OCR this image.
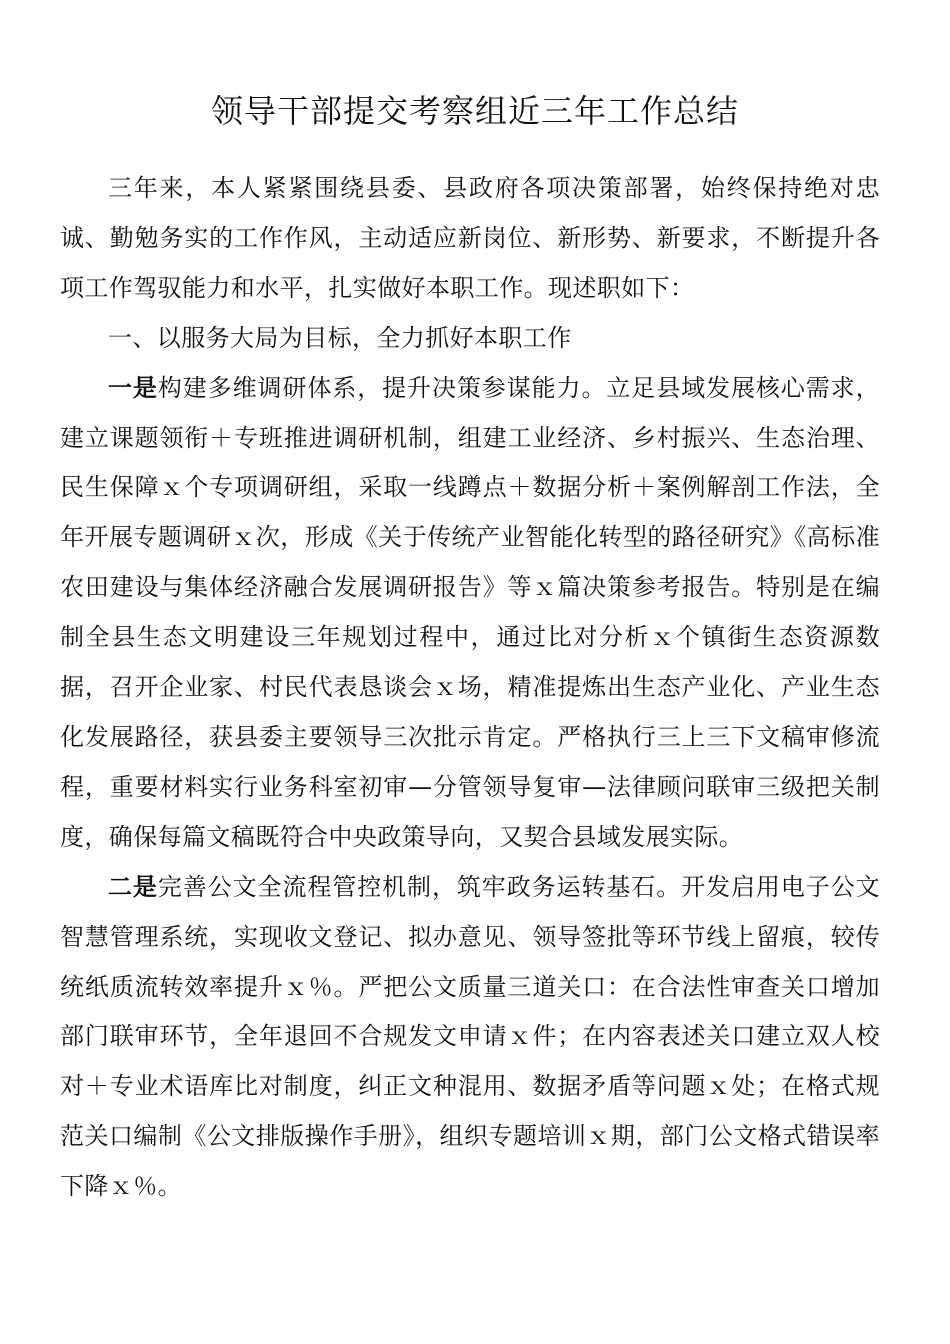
领导干部提交考察组近三年工作总结

三年来，本人紧紧围绕县委、县政府各项决策部署，始终保持绝对忠诚、勤勉务实的工作作风，主动适应新岗位、新形势、新要求，不断提升各项工作驾驭能力和水平，扎实做好本职工作。现述职如下：

一、以服务大局为目标，全力抓好本职工作

一是构建多维调研体系，提升决策参谋能力。立足县域发展核心需求，建立课题领衔＋专班推进调研机制，组建工业经济、乡村振兴、生态治理、民生保障ｘ个专项调研组，采取一线蹲点＋数据分析＋案例解剖工作法，全年开展专题调研ｘ次，形成《关于传统产业智能化转型的路径研究》《高标准农田建设与集体经济融合发展调研报告》等ｘ篇决策参考报告。特别是在编制全县生态文明建设三年规划过程中，通过比对分析ｘ个镇街生态资源数据，召开企业家、村民代表恳谈会ｘ场，精准提炼出生态产业化、产业生态化发展路径，获县委主要领导三次批示肯定。严格执行三上三下文稿审修流程，重要材料实行业务科室初审—分管领导复审—法律顾问联审三级把关制度，确保每篇文稿既符合中央政策导向，又契合县域发展实际。

二是完善公文全流程管控机制，筑牢政务运转基石。开发启用电子公文智慧管理系统，实现收文登记、拟办意见、领导签批等环节线上留痕，较传统纸质流转效率提升ｘ％。严把公文质量三道关口：在合法性审查关口增加部门联审环节，全年退回不合规发文申请ｘ件；在内容表述关口建立双人校对＋专业术语库比对制度，纠正文种混用、数据矛盾等问题ｘ处；在格式规范关口编制《公文排版操作手册》，组织专题培训ｘ期，部门公文格式错误率下降ｘ％。
